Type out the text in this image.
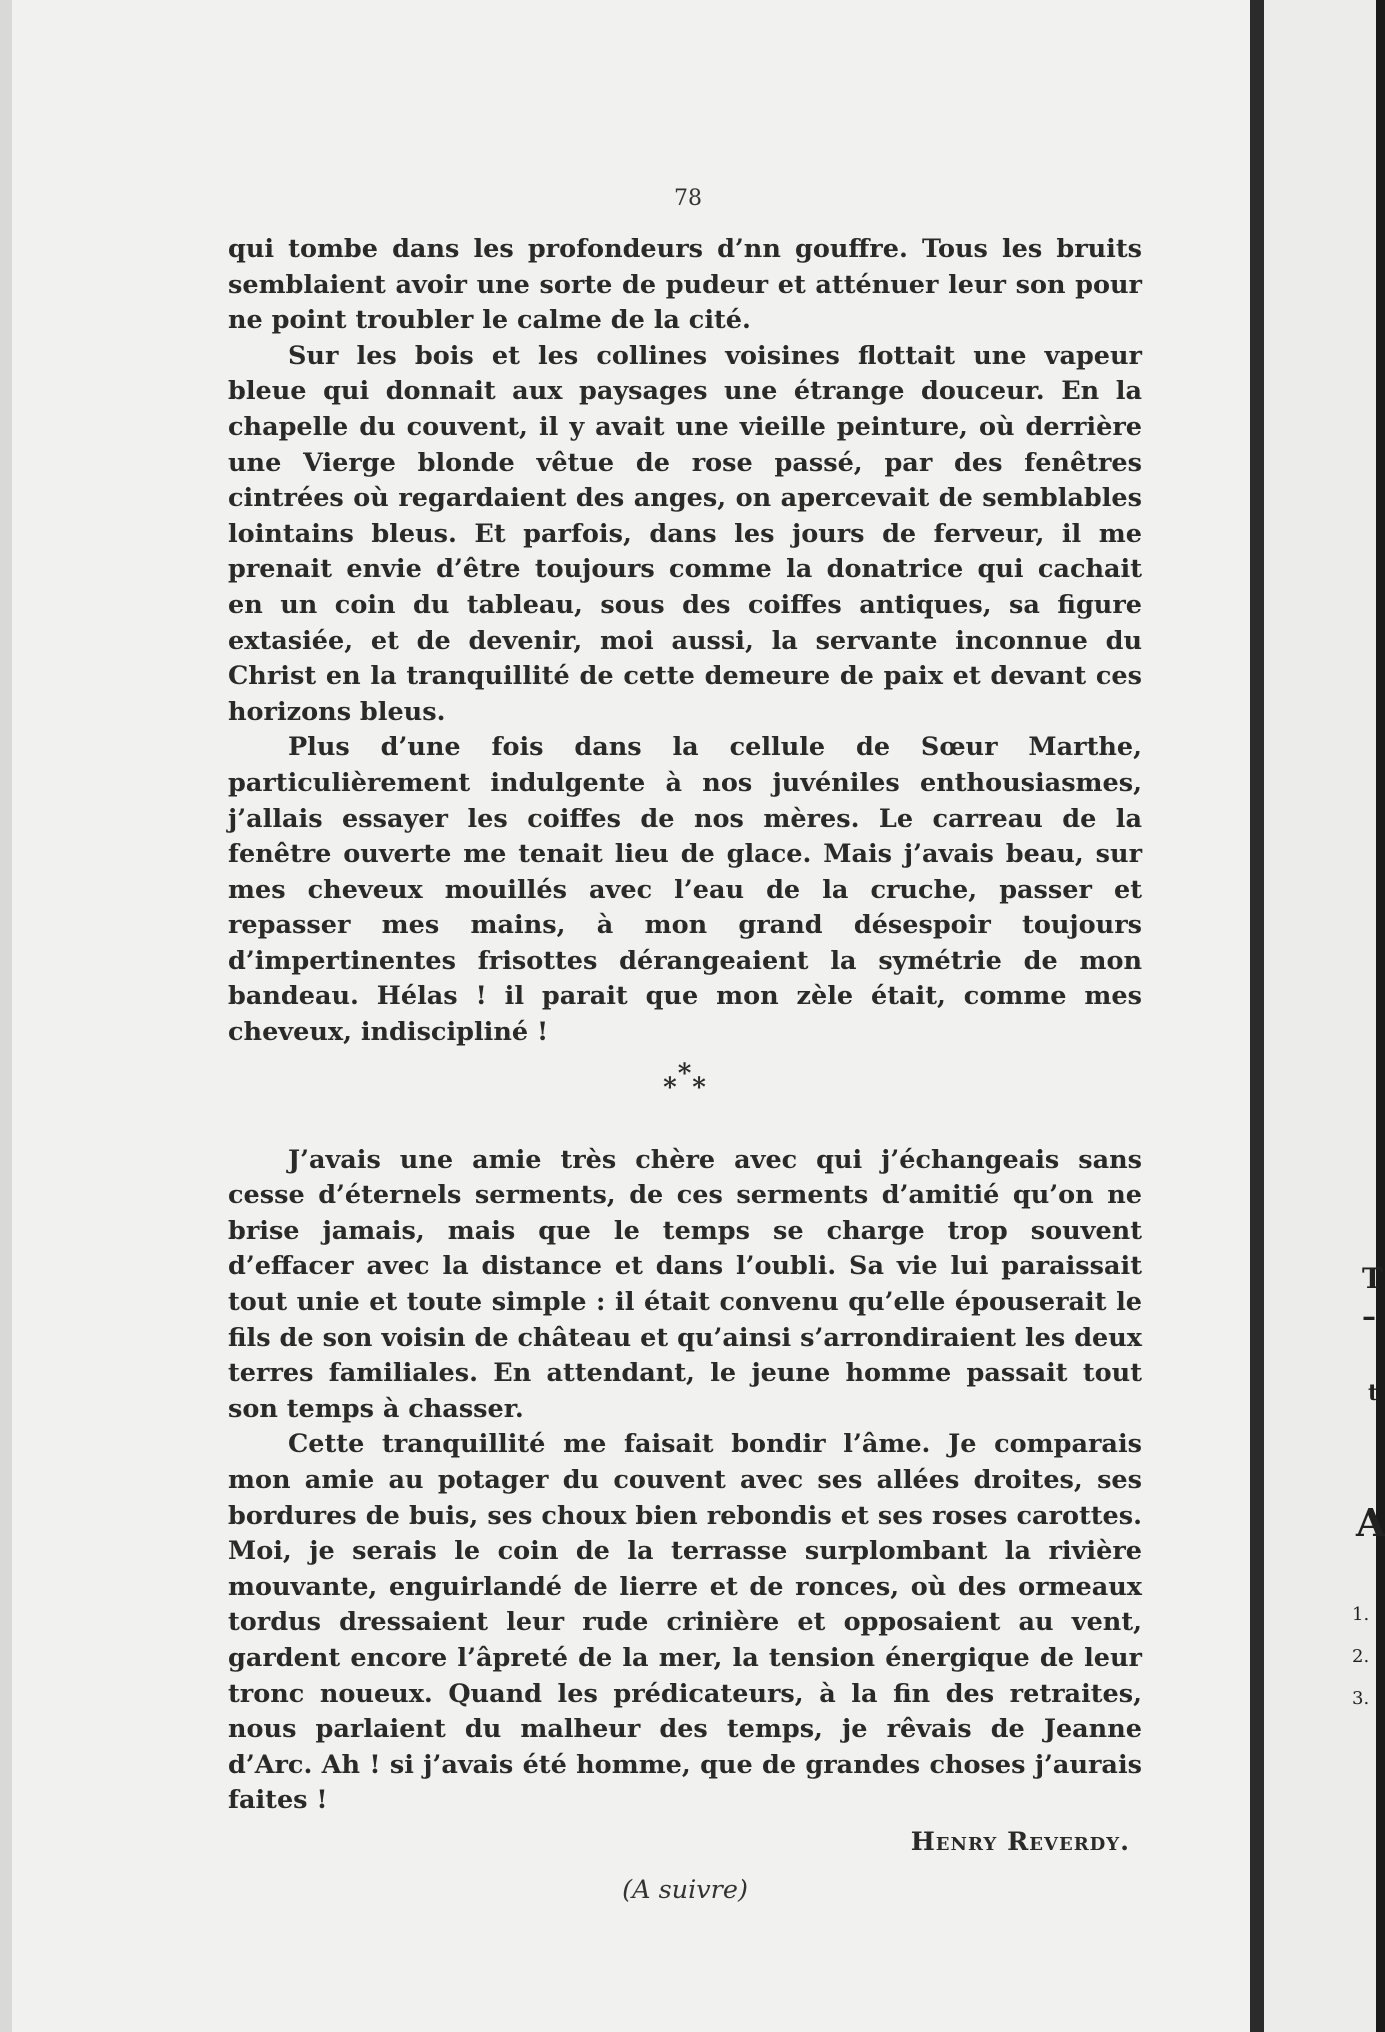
T
–
t
A
1.
2.
3.
78

qui tombe dans les profondeurs d’nn gouffre. Tous les bruits semblaient avoir une sorte de pudeur et atténuer leur son pour ne point troubler le calme de la cité.

Sur les bois et les collines voisines flottait une vapeur bleue qui donnait aux paysages une étrange douceur. En la chapelle du couvent, il y avait une vieille peinture, où derrière une Vierge blonde vêtue de rose passé, par des fenêtres cintrées où regardaient des anges, on apercevait de semblables lointains bleus. Et parfois, dans les jours de ferveur, il me prenait envie d’être toujours comme la donatrice qui cachait en un coin du tableau, sous des coiffes antiques, sa figure extasiée, et de devenir, moi aussi, la servante inconnue du Christ en la tranquillité de cette demeure de paix et devant ces horizons bleus.

Plus d’une fois dans la cellule de Sœur Marthe, particulièrement indulgente à nos juvéniles enthousiasmes, j’allais essayer les coiffes de nos mères. Le carreau de la fenêtre ouverte me tenait lieu de glace. Mais j’avais beau, sur mes cheveux mouillés avec l’eau de la cruche, passer et repasser mes mains, à mon grand désespoir toujours d’impertinentes frisottes dérangeaient la symétrie de mon bandeau. Hélas ! il parait que mon zèle était, comme mes cheveux, indiscipliné !

***

J’avais une amie très chère avec qui j’échangeais sans cesse d’éternels serments, de ces serments d’amitié qu’on ne brise jamais, mais que le temps se charge trop souvent d’effacer avec la distance et dans l’oubli. Sa vie lui paraissait tout unie et toute simple : il était convenu qu’elle épouserait le fils de son voisin de château et qu’ainsi s’arrondiraient les deux terres familiales. En attendant, le jeune homme passait tout son temps à chasser.

Cette tranquillité me faisait bondir l’âme. Je comparais mon amie au potager du couvent avec ses allées droites, ses bordures de buis, ses choux bien rebondis et ses roses carottes. Moi, je serais le coin de la terrasse surplombant la rivière mouvante, enguirlandé de lierre et de ronces, où des ormeaux tordus dressaient leur rude crinière et opposaient au vent, gardent encore l’âpreté de la mer, la tension énergique de leur tronc noueux. Quand les prédicateurs, à la fin des retraites, nous parlaient du malheur des temps, je rêvais de Jeanne d’Arc. Ah ! si j’avais été homme, que de grandes choses j’aurais faites !

Henry Reverdy.
(A suivre)
